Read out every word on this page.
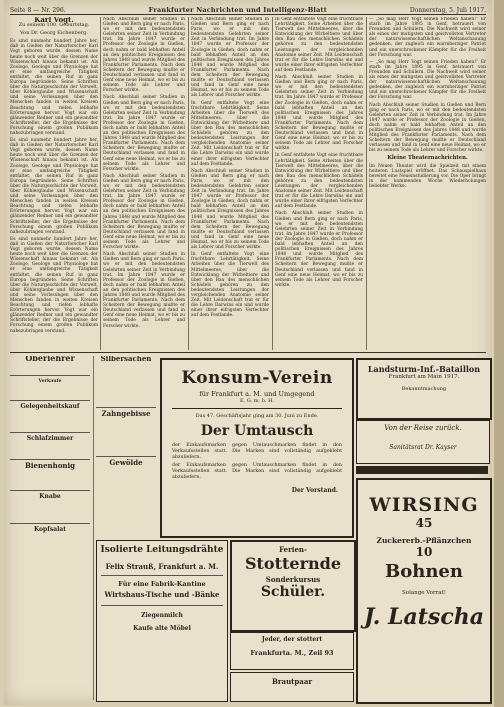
Seite 8 — Nr. 296.	Frankfurter Nachrichten und Intelligenz-Blatt	Donnerstag, 5. Juli 1917.
Karl Vogt.
Zu seinem 100. Geburtstag.
Von Dr. Georg Eichenberg.

Es sind nunmehr hundert Jahre her, daß in Gießen der Naturforscher Karl Vogt geboren wurde, dessen Name heute noch weit über die Grenzen der Wissenschaft hinaus bekannt ist. Als Zoologe, Geologe und Physiologe hat er eine umfangreiche Tätigkeit entfaltet, die seinen Ruf in ganz Europa begründete. Seine Schriften über die Naturgeschichte der Vorwelt, über Köhlerglaube und Wissenschaft und seine Vorlesungen über den Menschen fanden in weiten Kreisen Beachtung und riefen lebhafte Erörterungen hervor. Vogt war ein glänzender Redner und ein gewandter Schriftsteller, der die Ergebnisse der Forschung einem großen Publikum nahezubringen verstand.

Es sind nunmehr hundert Jahre her, daß in Gießen der Naturforscher Karl Vogt geboren wurde, dessen Name heute noch weit über die Grenzen der Wissenschaft hinaus bekannt ist. Als Zoologe, Geologe und Physiologe hat er eine umfangreiche Tätigkeit entfaltet, die seinen Ruf in ganz Europa begründete. Seine Schriften über die Naturgeschichte der Vorwelt, über Köhlerglaube und Wissenschaft und seine Vorlesungen über den Menschen fanden in weiten Kreisen Beachtung und riefen lebhafte Erörterungen hervor. Vogt war ein glänzender Redner und ein gewandter Schriftsteller, der die Ergebnisse der Forschung einem großen Publikum nahezubringen verstand.

Es sind nunmehr hundert Jahre her, daß in Gießen der Naturforscher Karl Vogt geboren wurde, dessen Name heute noch weit über die Grenzen der Wissenschaft hinaus bekannt ist. Als Zoologe, Geologe und Physiologe hat er eine umfangreiche Tätigkeit entfaltet, die seinen Ruf in ganz Europa begründete. Seine Schriften über die Naturgeschichte der Vorwelt, über Köhlerglaube und Wissenschaft und seine Vorlesungen über den Menschen fanden in weiten Kreisen Beachtung und riefen lebhafte Erörterungen hervor. Vogt war ein glänzender Redner und ein gewandter Schriftsteller, der die Ergebnisse der Forschung einem großen Publikum nahezubringen verstand.

Nach Abschluß seiner Studien in Gießen und Bern ging er nach Paris, wo er mit den bedeutendsten Gelehrten seiner Zeit in Verbindung trat. Im Jahre 1847 wurde er Professor der Zoologie in Gießen, doch nahm er bald lebhaften Anteil an den politischen Ereignissen des Jahres 1848 und wurde Mitglied des Frankfurter Parlaments. Nach dem Scheitern der Bewegung mußte er Deutschland verlassen und fand in Genf eine neue Heimat, wo er bis zu seinem Tode als Lehrer und Forscher wirkte.

Nach Abschluß seiner Studien in Gießen und Bern ging er nach Paris, wo er mit den bedeutendsten Gelehrten seiner Zeit in Verbindung trat. Im Jahre 1847 wurde er Professor der Zoologie in Gießen, doch nahm er bald lebhaften Anteil an den politischen Ereignissen des Jahres 1848 und wurde Mitglied des Frankfurter Parlaments. Nach dem Scheitern der Bewegung mußte er Deutschland verlassen und fand in Genf eine neue Heimat, wo er bis zu seinem Tode als Lehrer und Forscher wirkte.

Nach Abschluß seiner Studien in Gießen und Bern ging er nach Paris, wo er mit den bedeutendsten Gelehrten seiner Zeit in Verbindung trat. Im Jahre 1847 wurde er Professor der Zoologie in Gießen, doch nahm er bald lebhaften Anteil an den politischen Ereignissen des Jahres 1848 und wurde Mitglied des Frankfurter Parlaments. Nach dem Scheitern der Bewegung mußte er Deutschland verlassen und fand in Genf eine neue Heimat, wo er bis zu seinem Tode als Lehrer und Forscher wirkte.

Nach Abschluß seiner Studien in Gießen und Bern ging er nach Paris, wo er mit den bedeutendsten Gelehrten seiner Zeit in Verbindung trat. Im Jahre 1847 wurde er Professor der Zoologie in Gießen, doch nahm er bald lebhaften Anteil an den politischen Ereignissen des Jahres 1848 und wurde Mitglied des Frankfurter Parlaments. Nach dem Scheitern der Bewegung mußte er Deutschland verlassen und fand in Genf eine neue Heimat, wo er bis zu seinem Tode als Lehrer und Forscher wirkte.

Nach Abschluß seiner Studien in Gießen und Bern ging er nach Paris, wo er mit den bedeutendsten Gelehrten seiner Zeit in Verbindung trat. Im Jahre 1847 wurde er Professor der Zoologie in Gießen, doch nahm er bald lebhaften Anteil an den politischen Ereignissen des Jahres 1848 und wurde Mitglied des Frankfurter Parlaments. Nach dem Scheitern der Bewegung mußte er Deutschland verlassen und fand in Genf eine neue Heimat, wo er bis zu seinem Tode als Lehrer und Forscher wirkte.

In Genf entfaltete Vogt eine fruchtbare Lehrtätigkeit. Seine Arbeiten über die Tierwelt des Mittelmeeres, über die Entwicklung der Wirbeltiere und über den Bau des menschlichen Schädels gehören zu den bedeutendsten Leistungen der vergleichenden Anatomie seiner Zeit. Mit Leidenschaft trat er für die Lehre Darwins ein und wurde einer ihrer eifrigsten Verfechter auf dem Festlande.

Nach Abschluß seiner Studien in Gießen und Bern ging er nach Paris, wo er mit den bedeutendsten Gelehrten seiner Zeit in Verbindung trat. Im Jahre 1847 wurde er Professor der Zoologie in Gießen, doch nahm er bald lebhaften Anteil an den politischen Ereignissen des Jahres 1848 und wurde Mitglied des Frankfurter Parlaments. Nach dem Scheitern der Bewegung mußte er Deutschland verlassen und fand in Genf eine neue Heimat, wo er bis zu seinem Tode als Lehrer und Forscher wirkte.

In Genf entfaltete Vogt eine fruchtbare Lehrtätigkeit. Seine Arbeiten über die Tierwelt des Mittelmeeres, über die Entwicklung der Wirbeltiere und über den Bau des menschlichen Schädels gehören zu den bedeutendsten Leistungen der vergleichenden Anatomie seiner Zeit. Mit Leidenschaft trat er für die Lehre Darwins ein und wurde einer ihrer eifrigsten Verfechter auf dem Festlande.

In Genf entfaltete Vogt eine fruchtbare Lehrtätigkeit. Seine Arbeiten über die Tierwelt des Mittelmeeres, über die Entwicklung der Wirbeltiere und über den Bau des menschlichen Schädels gehören zu den bedeutendsten Leistungen der vergleichenden Anatomie seiner Zeit. Mit Leidenschaft trat er für die Lehre Darwins ein und wurde einer ihrer eifrigsten Verfechter auf dem Festlande.

Nach Abschluß seiner Studien in Gießen und Bern ging er nach Paris, wo er mit den bedeutendsten Gelehrten seiner Zeit in Verbindung trat. Im Jahre 1847 wurde er Professor der Zoologie in Gießen, doch nahm er bald lebhaften Anteil an den politischen Ereignissen des Jahres 1848 und wurde Mitglied des Frankfurter Parlaments. Nach dem Scheitern der Bewegung mußte er Deutschland verlassen und fand in Genf eine neue Heimat, wo er bis zu seinem Tode als Lehrer und Forscher wirkte.

In Genf entfaltete Vogt eine fruchtbare Lehrtätigkeit. Seine Arbeiten über die Tierwelt des Mittelmeeres, über die Entwicklung der Wirbeltiere und über den Bau des menschlichen Schädels gehören zu den bedeutendsten Leistungen der vergleichenden Anatomie seiner Zeit. Mit Leidenschaft trat er für die Lehre Darwins ein und wurde einer ihrer eifrigsten Verfechter auf dem Festlande.

Nach Abschluß seiner Studien in Gießen und Bern ging er nach Paris, wo er mit den bedeutendsten Gelehrten seiner Zeit in Verbindung trat. Im Jahre 1847 wurde er Professor der Zoologie in Gießen, doch nahm er bald lebhaften Anteil an den politischen Ereignissen des Jahres 1848 und wurde Mitglied des Frankfurter Parlaments. Nach dem Scheitern der Bewegung mußte er Deutschland verlassen und fand in Genf eine neue Heimat, wo er bis zu seinem Tode als Lehrer und Forscher wirkte.

— „So mag Herr Vogt seinen Frieden haben!“ Er starb im Jahre 1895 in Genf, betrauert von Freunden und Schülern. Die Nachwelt wird seiner als eines der mutigsten und geistvollsten Vertreter der naturwissenschaftlichen Weltanschauung gedenken, der zugleich ein warmherziger Patriot und ein unerschrockener Kämpfer für die Freiheit der Forschung war.

— „So mag Herr Vogt seinen Frieden haben!“ Er starb im Jahre 1895 in Genf, betrauert von Freunden und Schülern. Die Nachwelt wird seiner als eines der mutigsten und geistvollsten Vertreter der naturwissenschaftlichen Weltanschauung gedenken, der zugleich ein warmherziger Patriot und ein unerschrockener Kämpfer für die Freiheit der Forschung war.

Nach Abschluß seiner Studien in Gießen und Bern ging er nach Paris, wo er mit den bedeutendsten Gelehrten seiner Zeit in Verbindung trat. Im Jahre 1847 wurde er Professor der Zoologie in Gießen, doch nahm er bald lebhaften Anteil an den politischen Ereignissen des Jahres 1848 und wurde Mitglied des Frankfurter Parlaments. Nach dem Scheitern der Bewegung mußte er Deutschland verlassen und fand in Genf eine neue Heimat, wo er bis zu seinem Tode als Lehrer und Forscher wirkte.

Kleine Theaternachrichten.

Im Neuen Theater wird die Spielzeit mit einem heiteren Lustspiel eröffnet. Das Schauspielhaus bereitet eine Neueinstudierung vor. Die Oper bringt in der kommenden Woche Wiederholungen beliebter Werke.

Oberlehrer
Verkaufe
Gelegenheitskauf
Schlafzimmer
Bienenhonig
Knabe
Kopfsalat
Silbersachen
Zahngebisse
Gewölde
Konsum-Verein
für Frankfurt a. M. und Umgegend
E. G. m. b. H.
Das 47. Geschäftsjahr ging am 30. Juni zu Ende.
Der Umtausch
der Einkaufsmarken gegen Umtauschmarken findet in den Verkaufsstellen statt. Die Marken sind vollständig aufgeklebt abzuliefern.
der Einkaufsmarken gegen Umtauschmarken findet in den Verkaufsstellen statt. Die Marken sind vollständig aufgeklebt abzuliefern.
Der Vorstand.
Landsturm-Inf.-Bataillon
Frankfurt am Main 1917.
Bekanntmachung
Von der Reise zurück.
Sanitätsrat Dr. Kayser
WIRSING
45
Zuckererb.-Pflänzchen
10
Bohnen
Solange Vorrat!
J. Latscha
Isolierte Leitungsdrähte
Felix Strauß, Frankfurt a. M.
Für eine Fabrik-Kantine
Wirtshaus-Tische und -Bänke
Ziegenmilch
Kaufe alte Möbel
Ferien-
Stotternde
Sonderkursus
Schüler.
Jeder, der stottert
Frankfurta. M., Zeil 93
Brautpaar
